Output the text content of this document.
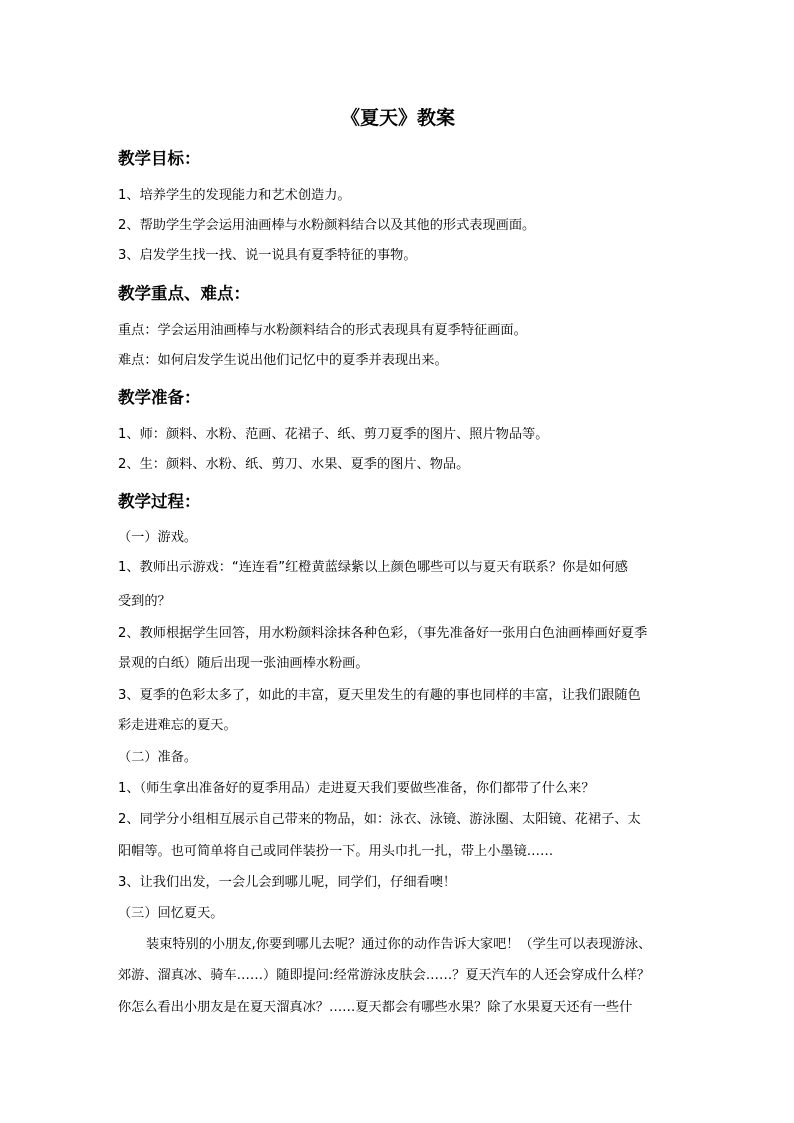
《夏天》教案
教学目标：
1、培养学生的发现能力和艺术创造力。
2、帮助学生学会运用油画棒与水粉颜料结合以及其他的形式表现画面。
3、启发学生找一找、说一说具有夏季特征的事物。
教学重点、难点：
重点：学会运用油画棒与水粉颜料结合的形式表现具有夏季特征画面。
难点：如何启发学生说出他们记忆中的夏季并表现出来。
教学准备：
1、师：颜料、水粉、范画、花裙子、纸、剪刀夏季的图片、照片物品等。
2、生：颜料、水粉、纸、剪刀、水果、夏季的图片、物品。
教学过程：
（一）游戏。
1、教师出示游戏：“连连看”红橙黄蓝绿紫以上颜色哪些可以与夏天有联系？你是如何感
受到的？
2、教师根据学生回答，用水粉颜料涂抹各种色彩，（事先准备好一张用白色油画棒画好夏季
景观的白纸）随后出现一张油画棒水粉画。
3、夏季的色彩太多了，如此的丰富，夏天里发生的有趣的事也同样的丰富，让我们跟随色
彩走进难忘的夏天。
（二）准备。
1、（师生拿出准备好的夏季用品）走进夏天我们要做些准备，你们都带了什么来？
2、同学分小组相互展示自己带来的物品，如：泳衣、泳镜、游泳圈、太阳镜、花裙子、太
阳帽等。也可简单将自己或同伴装扮一下。用头巾扎一扎，带上小墨镜……
3、让我们出发，一会儿会到哪儿呢，同学们，仔细看噢！
（三）回忆夏天。
装束特别的小朋友,你要到哪儿去呢？通过你的动作告诉大家吧！（学生可以表现游泳、
郊游、溜真冰、骑车……）随即提问:经常游泳皮肤会……？夏天汽车的人还会穿成什么样？
你怎么看出小朋友是在夏天溜真冰？……夏天都会有哪些水果？除了水果夏天还有一些什
